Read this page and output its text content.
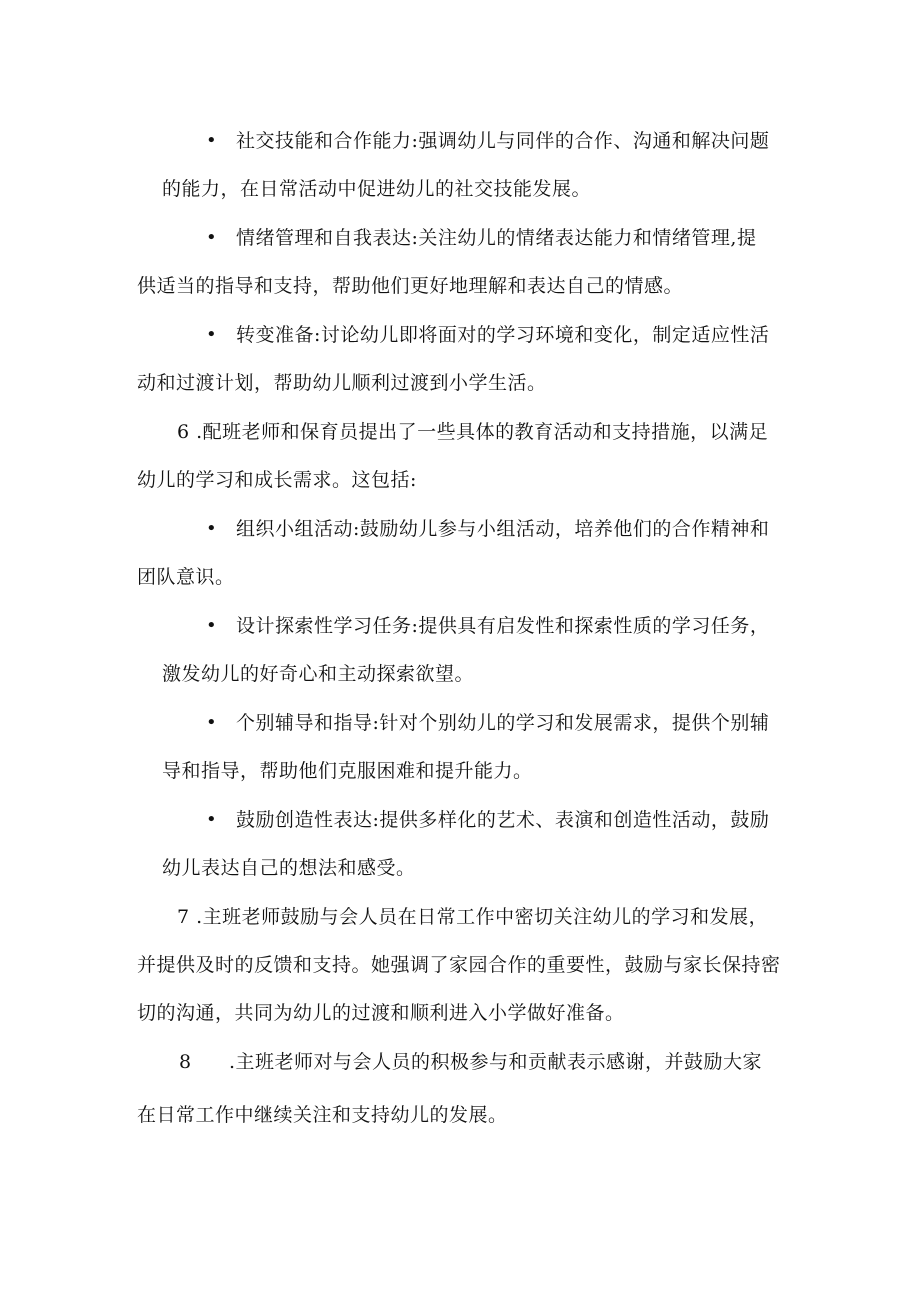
• 社交技能和合作能力:强调幼儿与同伴的合作、沟通和解决问题
的能力，在日常活动中促进幼儿的社交技能发展。
• 情绪管理和自我表达:关注幼儿的情绪表达能力和情绪管理,提
供适当的指导和支持，帮助他们更好地理解和表达自己的情感。
• 转变准备:讨论幼儿即将面对的学习环境和变化，制定适应性活
动和过渡计划，帮助幼儿顺利过渡到小学生活。
6 .配班老师和保育员提出了一些具体的教育活动和支持措施，以满足
幼儿的学习和成长需求。这包括:
• 组织小组活动:鼓励幼儿参与小组活动，培养他们的合作精神和
团队意识。
• 设计探索性学习任务:提供具有启发性和探索性质的学习任务，
激发幼儿的好奇心和主动探索欲望。
• 个别辅导和指导:针对个别幼儿的学习和发展需求，提供个别辅
导和指导，帮助他们克服困难和提升能力。
• 鼓励创造性表达:提供多样化的艺术、表演和创造性活动，鼓励
幼儿表达自己的想法和感受。
7 .主班老师鼓励与会人员在日常工作中密切关注幼儿的学习和发展，
并提供及时的反馈和支持。她强调了家园合作的重要性，鼓励与家长保持密
切的沟通，共同为幼儿的过渡和顺利进入小学做好准备。
8 .主班老师对与会人员的积极参与和贡献表示感谢，并鼓励大家
在日常工作中继续关注和支持幼儿的发展。
